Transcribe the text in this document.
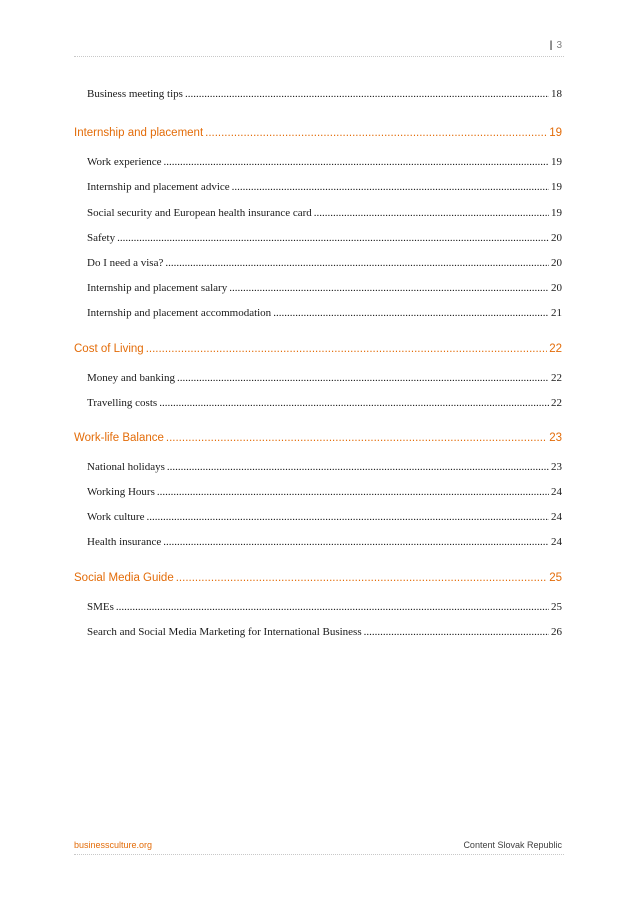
| 3
Business meeting tips .....	18
Internship and placement .....	19
Work experience .....	19
Internship and placement advice .....	19
Social security and European health insurance card .....	19
Safety .....	20
Do I need a visa? .....	20
Internship and placement salary .....	20
Internship and placement accommodation .....	21
Cost of Living .....	22
Money and banking .....	22
Travelling costs .....	22
Work-life Balance .....	23
National holidays .....	23
Working Hours .....	24
Work culture .....	24
Health insurance .....	24
Social Media Guide .....	25
SMEs .....	25
Search and Social Media Marketing for International Business .....	26
businessculture.org	Content Slovak Republic
